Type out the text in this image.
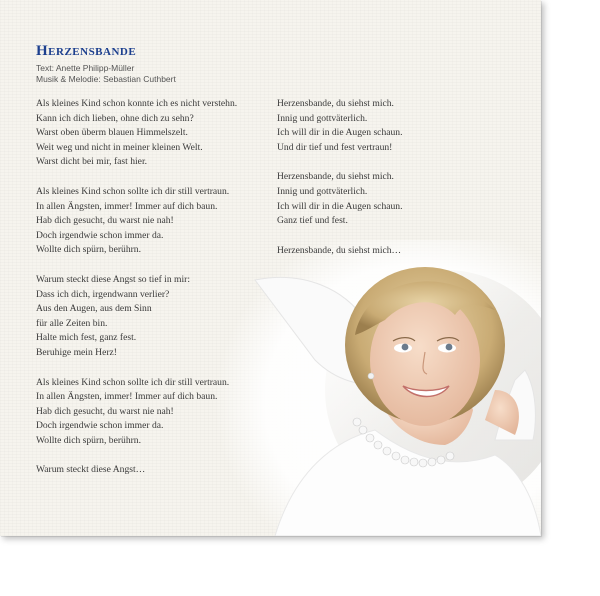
Herzensbande
Text: Anette Philipp-Müller
Musik & Melodie: Sebastian Cuthbert
Als kleines Kind schon konnte ich es nicht verstehn.
Kann ich dich lieben, ohne dich zu sehn?
Warst oben überm blauen Himmelszelt.
Weit weg und nicht in meiner kleinen Welt.
Warst dicht bei mir, fast hier.
Als kleines Kind schon sollte ich dir still vertraun.
In allen Ängsten, immer! Immer auf dich baun.
Hab dich gesucht, du warst nie nah!
Doch irgendwie schon immer da.
Wollte dich spürn, berührn.
Warum steckt diese Angst so tief in mir:
Dass ich dich, irgendwann verlier?
Aus den Augen, aus dem Sinn
für alle Zeiten bin.
Halte mich fest, ganz fest.
Beruhige mein Herz!
Als kleines Kind schon sollte ich dir still vertraun.
In allen Ängsten, immer! Immer auf dich baun.
Hab dich gesucht, du warst nie nah!
Doch irgendwie schon immer da.
Wollte dich spürn, berührn.
Warum steckt diese Angst…
Herzensbande, du siehst mich.
Innig und gottväterlich.
Ich will dir in die Augen schaun.
Und dir tief und fest vertraun!
Herzensbande, du siehst mich.
Innig und gottväterlich.
Ich will dir in die Augen schaun.
Ganz tief und fest.
Herzensbande, du siehst mich…
